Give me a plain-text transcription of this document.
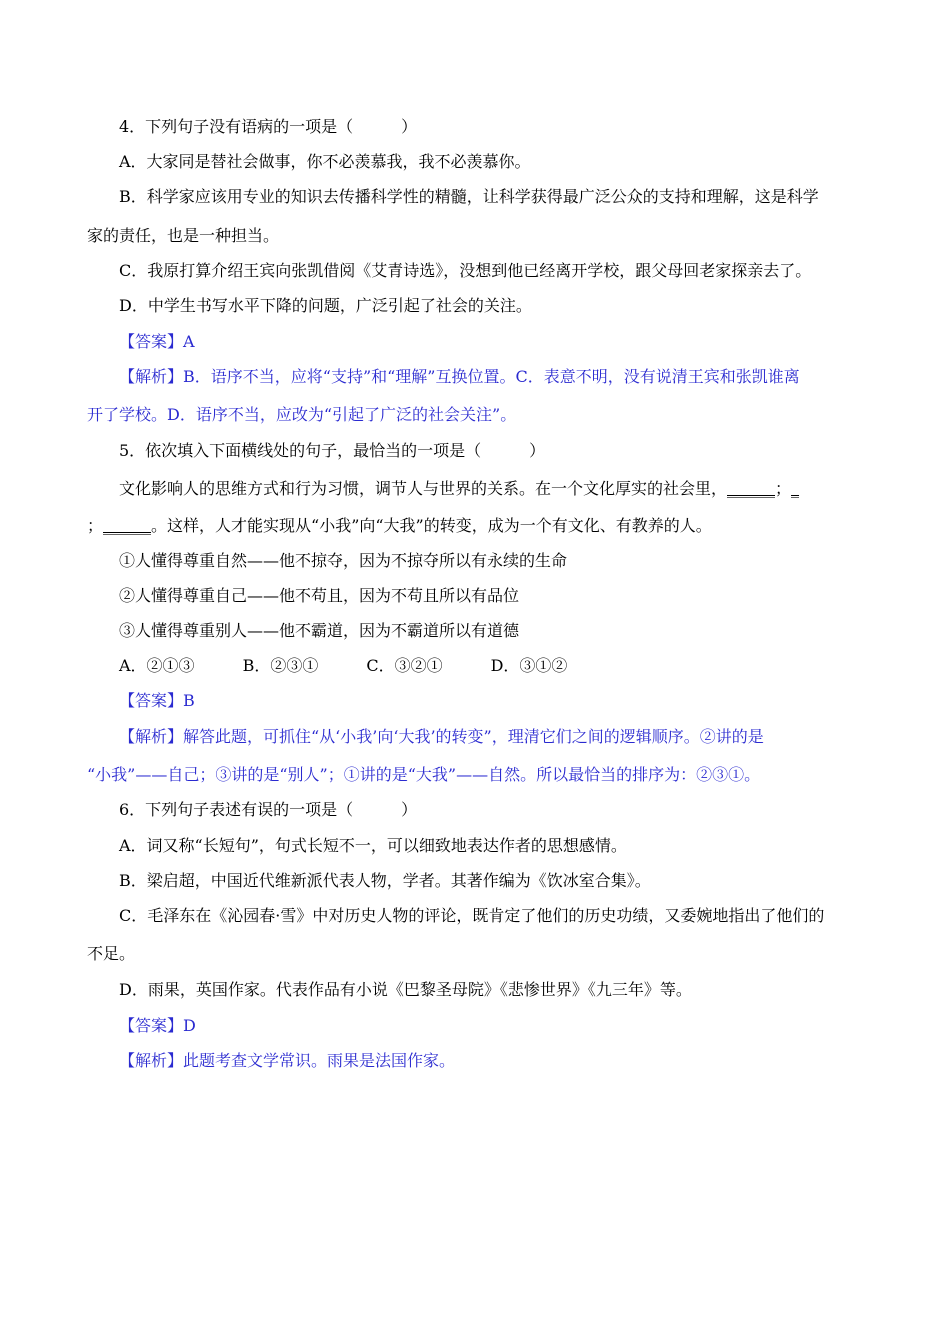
4．下列句子没有语病的一项是（　　　）
A．大家同是替社会做事，你不必羡慕我，我不必羡慕你。
B．科学家应该用专业的知识去传播科学性的精髓，让科学获得最广泛公众的支持和理解，这是科学
家的责任，也是一种担当。
C．我原打算介绍王宾向张凯借阅《艾青诗选》，没想到他已经离开学校，跟父母回老家探亲去了。
D．中学生书写水平下降的问题，广泛引起了社会的关注。
【答案】A
【解析】B．语序不当，应将“支持”和“理解”互换位置。C．表意不明，没有说清王宾和张凯谁离
开了学校。D．语序不当，应改为“引起了广泛的社会关注”。
5．依次填入下面横线处的句子，最恰当的一项是（　　　）
文化影响人的思维方式和行为习惯，调节人与世界的关系。在一个文化厚实的社会里，______；_
；______。这样，人才能实现从“小我”向“大我”的转变，成为一个有文化、有教养的人。
①人懂得尊重自然——他不掠夺，因为不掠夺所以有永续的生命
②人懂得尊重自己——他不苟且，因为不苟且所以有品位
③人懂得尊重别人——他不霸道，因为不霸道所以有道德
A．②①③	B．②③①	C．③②①	D．③①②
【答案】B
【解析】解答此题，可抓住“从‘小我’向‘大我’的转变”，理清它们之间的逻辑顺序。②讲的是
“小我”——自己；③讲的是“别人”；①讲的是“大我”——自然。所以最恰当的排序为：②③①。
6．下列句子表述有误的一项是（　　　）
A．词又称“长短句”，句式长短不一，可以细致地表达作者的思想感情。
B．梁启超，中国近代维新派代表人物，学者。其著作编为《饮冰室合集》。
C．毛泽东在《沁园春·雪》中对历史人物的评论，既肯定了他们的历史功绩，又委婉地指出了他们的
不足。
D．雨果，英国作家。代表作品有小说《巴黎圣母院》《悲惨世界》《九三年》等。
【答案】D
【解析】此题考查文学常识。雨果是法国作家。
